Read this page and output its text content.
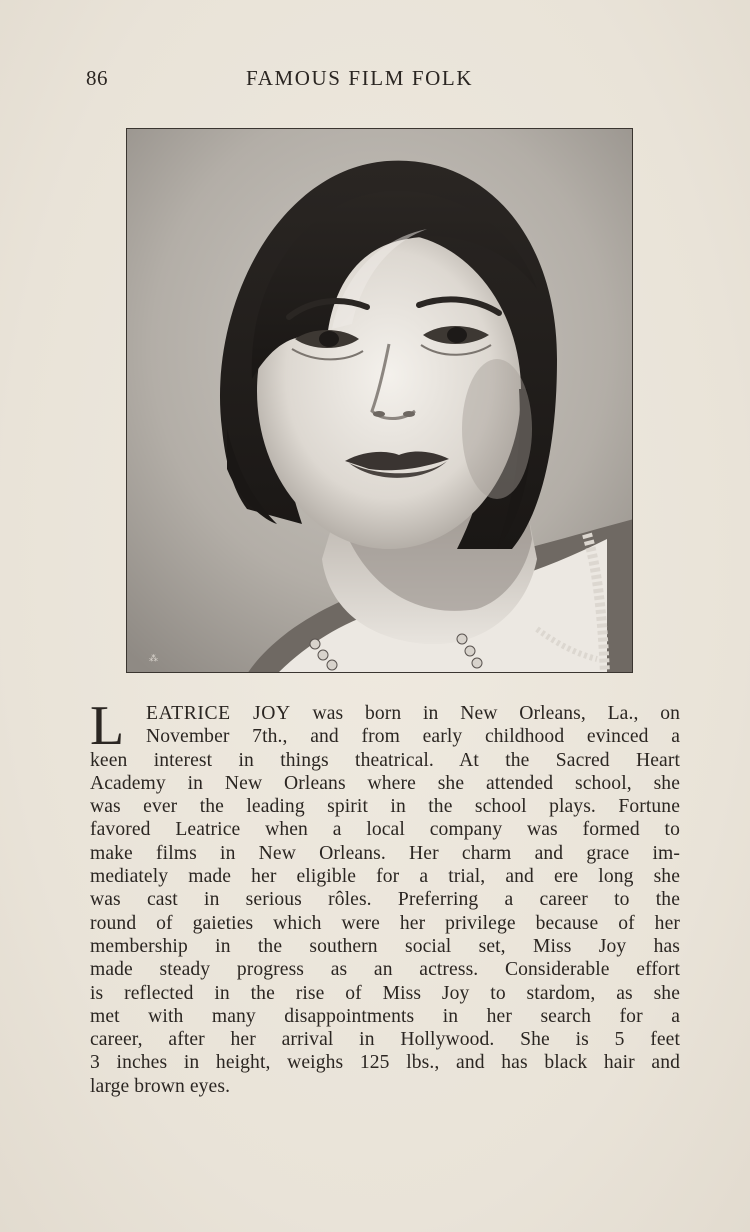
86	FAMOUS FILM FOLK
⁂
L	EATRICE JOY was born in New Orleans, La., on
November 7th., and from early childhood evinced a
keen interest in things theatrical. At the Sacred Heart
Academy in New Orleans where she attended school, she
was ever the leading spirit in the school plays. Fortune
favored Leatrice when a local company was formed to
make films in New Orleans. Her charm and grace im-
mediately made her eligible for a trial, and ere long she
was cast in serious rôles. Preferring a career to the
round of gaieties which were her privilege because of her
membership in the southern social set, Miss Joy has
made steady progress as an actress. Considerable effort
is reflected in the rise of Miss Joy to stardom, as she
met with many disappointments in her search for a
career, after her arrival in Hollywood. She is 5 feet
3 inches in height, weighs 125 lbs., and has black hair and
large brown eyes.
